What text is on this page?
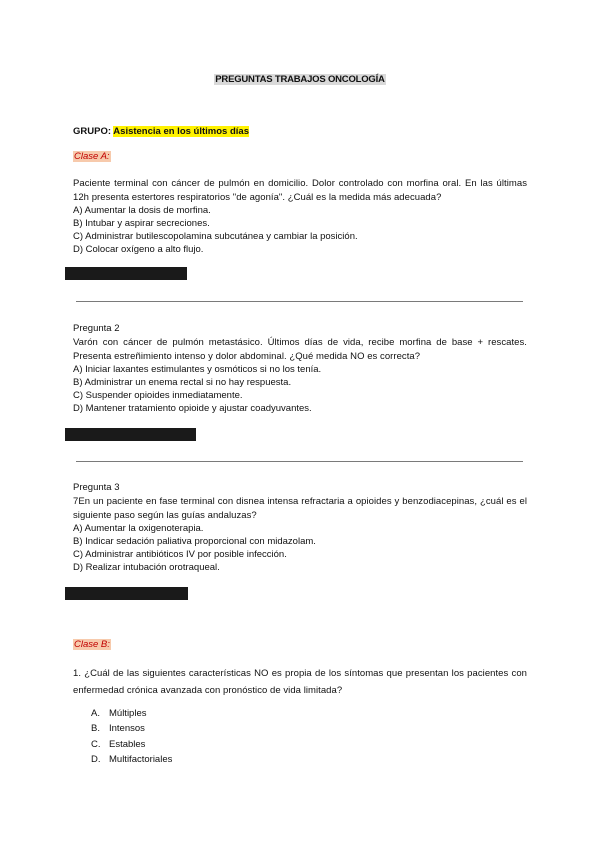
PREGUNTAS TRABAJOS ONCOLOGÍA
GRUPO: Asistencia en los últimos días
Clase A:
Paciente terminal con cáncer de pulmón en domicilio. Dolor controlado con morfina oral. En las últimas 12h presenta estertores respiratorios "de agonía". ¿Cuál es la medida más adecuada?
A) Aumentar la dosis de morfina.
B) Intubar y aspirar secreciones.
C) Administrar butilescopolamina subcutánea y cambiar la posición.
D) Colocar oxígeno a alto flujo.
Pregunta 2
Varón con cáncer de pulmón metastásico. Últimos días de vida, recibe morfina de base + rescates. Presenta estreñimiento intenso y dolor abdominal. ¿Qué medida NO es correcta?
A) Iniciar laxantes estimulantes y osmóticos si no los tenía.
B) Administrar un enema rectal si no hay respuesta.
C) Suspender opioides inmediatamente.
D) Mantener tratamiento opioide y ajustar coadyuvantes.
Pregunta 3
7En un paciente en fase terminal con disnea intensa refractaria a opioides y benzodiacepinas, ¿cuál es el siguiente paso según las guías andaluzas?
A) Aumentar la oxigenoterapia.
B) Indicar sedación paliativa proporcional con midazolam.
C) Administrar antibióticos IV por posible infección.
D) Realizar intubación orotraqueal.
Clase B:
1. ¿Cuál de las siguientes características NO es propia de los síntomas que presentan los pacientes con enfermedad crónica avanzada con pronóstico de vida limitada?
A. Múltiples
B. Intensos
C. Estables
D. Multifactoriales
